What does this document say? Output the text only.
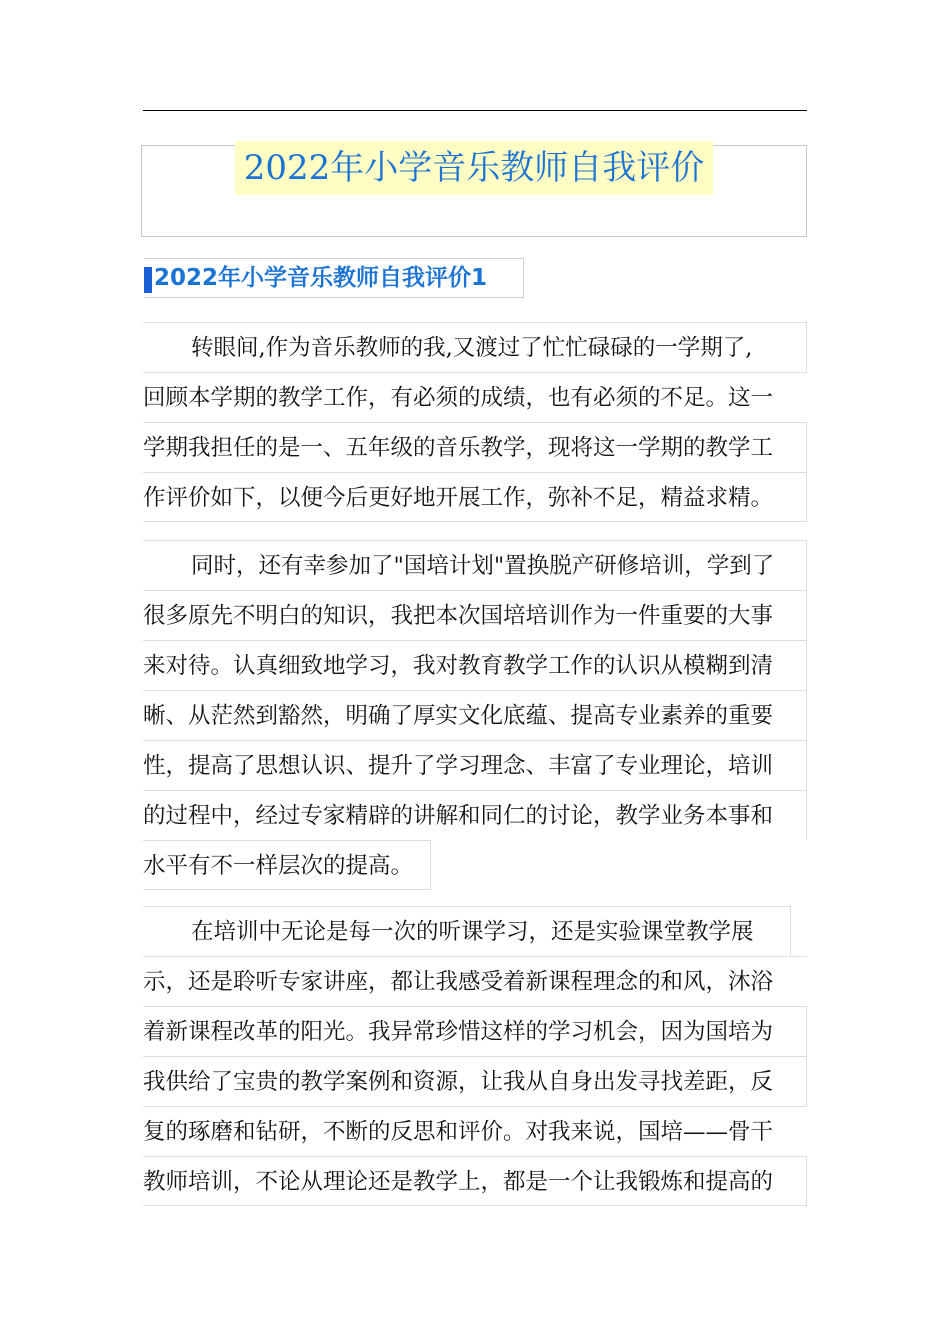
2022年小学音乐教师自我评价
2022年小学音乐教师自我评价1
转眼间,作为音乐教师的我,又渡过了忙忙碌碌的一学期了,
回顾本学期的教学工作，有必须的成绩，也有必须的不足。这一
学期我担任的是一、五年级的音乐教学，现将这一学期的教学工
作评价如下，以便今后更好地开展工作，弥补不足，精益求精。
同时，还有幸参加了"国培计划"置换脱产研修培训，学到了
很多原先不明白的知识，我把本次国培培训作为一件重要的大事
来对待。认真细致地学习，我对教育教学工作的认识从模糊到清
晰、从茫然到豁然，明确了厚实文化底蕴、提高专业素养的重要
性，提高了思想认识、提升了学习理念、丰富了专业理论，培训
的过程中，经过专家精辟的讲解和同仁的讨论，教学业务本事和
水平有不一样层次的提高。
在培训中无论是每一次的听课学习，还是实验课堂教学展
示，还是聆听专家讲座，都让我感受着新课程理念的和风，沐浴
着新课程改革的阳光。我异常珍惜这样的学习机会，因为国培为
我供给了宝贵的教学案例和资源，让我从自身出发寻找差距，反
复的琢磨和钻研，不断的反思和评价。对我来说，国培——骨干
教师培训，不论从理论还是教学上，都是一个让我锻炼和提高的
